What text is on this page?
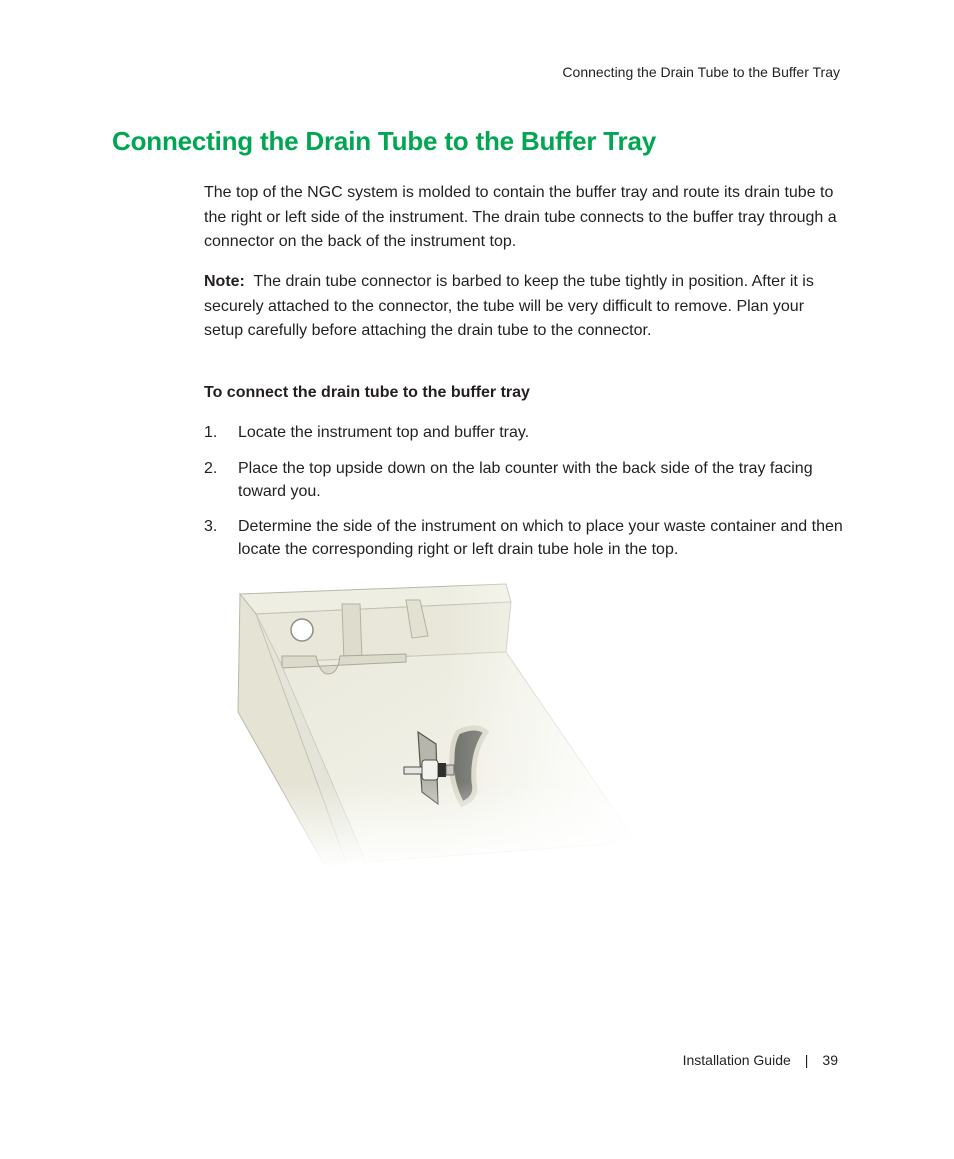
Connecting the Drain Tube to the Buffer Tray
Connecting the Drain Tube to the Buffer Tray

The top of the NGC system is molded to contain the buffer tray and route its drain tube to the right or left side of the instrument. The drain tube connects to the buffer tray through a connector on the back of the instrument top.

Note: The drain tube connector is barbed to keep the tube tightly in position. After it is securely attached to the connector, the tube will be very difficult to remove. Plan your setup carefully before attaching the drain tube to the connector.

To connect the drain tube to the buffer tray
1. Locate the instrument top and buffer tray.
2. Place the top upside down on the lab counter with the back side of the tray facing toward you.
3. Determine the side of the instrument on which to place your waste container and then locate the corresponding right or left drain tube hole in the top.
Installation Guide | 39
